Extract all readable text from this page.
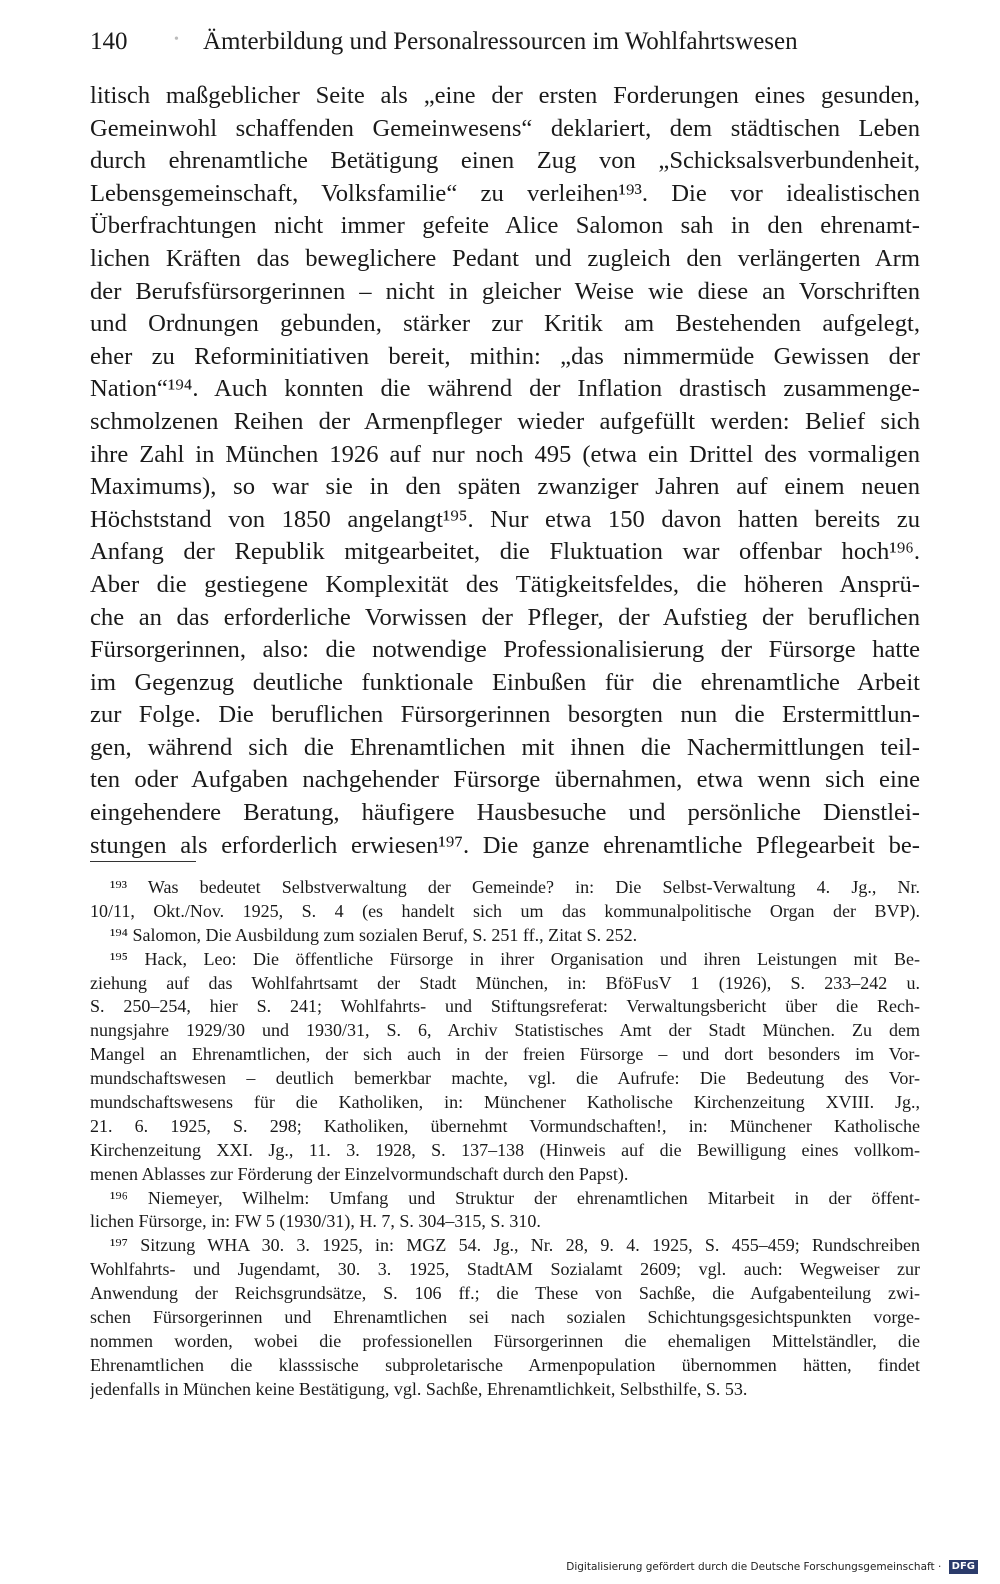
140	• Ämterbildung und Personalressourcen im Wohlfahrtswesen
litisch maßgeblicher Seite als „eine der ersten Forderungen eines gesunden,
Gemeinwohl schaffenden Gemeinwesens“ deklariert, dem städtischen Leben
durch ehrenamtliche Betätigung einen Zug von „Schicksalsverbundenheit,
Lebensgemeinschaft, Volksfamilie“ zu verleihen¹⁹³. Die vor idealistischen
Überfrachtungen nicht immer gefeite Alice Salomon sah in den ehrenamt-
lichen Kräften das beweglichere Pedant und zugleich den verlängerten Arm
der Berufsfürsorgerinnen – nicht in gleicher Weise wie diese an Vorschriften
und Ordnungen gebunden, stärker zur Kritik am Bestehenden aufgelegt,
eher zu Reforminitiativen bereit, mithin: „das nimmermüde Gewissen der
Nation“¹⁹⁴. Auch konnten die während der Inflation drastisch zusammenge-
schmolzenen Reihen der Armenpfleger wieder aufgefüllt werden: Belief sich
ihre Zahl in München 1926 auf nur noch 495 (etwa ein Drittel des vormaligen
Maximums), so war sie in den späten zwanziger Jahren auf einem neuen
Höchststand von 1850 angelangt¹⁹⁵. Nur etwa 150 davon hatten bereits zu
Anfang der Republik mitgearbeitet, die Fluktuation war offenbar hoch¹⁹⁶.
Aber die gestiegene Komplexität des Tätigkeitsfeldes, die höheren Ansprü-
che an das erforderliche Vorwissen der Pfleger, der Aufstieg der beruflichen
Fürsorgerinnen, also: die notwendige Professionalisierung der Fürsorge hatte
im Gegenzug deutliche funktionale Einbußen für die ehrenamtliche Arbeit
zur Folge. Die beruflichen Fürsorgerinnen besorgten nun die Erstermittlun-
gen, während sich die Ehrenamtlichen mit ihnen die Nachermittlungen teil-
ten oder Aufgaben nachgehender Fürsorge übernahmen, etwa wenn sich eine
eingehendere Beratung, häufigere Hausbesuche und persönliche Dienstlei-
stungen als erforderlich erwiesen¹⁹⁷. Die ganze ehrenamtliche Pflegearbeit be-
¹⁹³ Was bedeutet Selbstverwaltung der Gemeinde? in: Die Selbst-Verwaltung 4. Jg., Nr.
10/11, Okt./Nov. 1925, S. 4 (es handelt sich um das kommunalpolitische Organ der BVP).
¹⁹⁴ Salomon, Die Ausbildung zum sozialen Beruf, S. 251 ff., Zitat S. 252.
¹⁹⁵ Hack, Leo: Die öffentliche Fürsorge in ihrer Organisation und ihren Leistungen mit Be-
ziehung auf das Wohlfahrtsamt der Stadt München, in: BföFusV 1 (1926), S. 233–242 u.
S. 250–254, hier S. 241; Wohlfahrts- und Stiftungsreferat: Verwaltungsbericht über die Rech-
nungsjahre 1929/30 und 1930/31, S. 6, Archiv Statistisches Amt der Stadt München. Zu dem
Mangel an Ehrenamtlichen, der sich auch in der freien Fürsorge – und dort besonders im Vor-
mundschaftswesen – deutlich bemerkbar machte, vgl. die Aufrufe: Die Bedeutung des Vor-
mundschaftswesens für die Katholiken, in: Münchener Katholische Kirchenzeitung XVIII. Jg.,
21. 6. 1925, S. 298; Katholiken, übernehmt Vormundschaften!, in: Münchener Katholische
Kirchenzeitung XXI. Jg., 11. 3. 1928, S. 137–138 (Hinweis auf die Bewilligung eines vollkom-
menen Ablasses zur Förderung der Einzelvormundschaft durch den Papst).
¹⁹⁶ Niemeyer, Wilhelm: Umfang und Struktur der ehrenamtlichen Mitarbeit in der öffent-
lichen Fürsorge, in: FW 5 (1930/31), H. 7, S. 304–315, S. 310.
¹⁹⁷ Sitzung WHA 30. 3. 1925, in: MGZ 54. Jg., Nr. 28, 9. 4. 1925, S. 455–459; Rundschreiben
Wohlfahrts- und Jugendamt, 30. 3. 1925, StadtAM Sozialamt 2609; vgl. auch: Wegweiser zur
Anwendung der Reichsgrundsätze, S. 106 ff.; die These von Sachße, die Aufgabenteilung zwi-
schen Fürsorgerinnen und Ehrenamtlichen sei nach sozialen Schichtungsgesichtspunkten vorge-
nommen worden, wobei die professionellen Fürsorgerinnen die ehemaligen Mittelständler, die
Ehrenamtlichen die klasssische subproletarische Armenpopulation übernommen hätten, findet
jedenfalls in München keine Bestätigung, vgl. Sachße, Ehrenamtlichkeit, Selbsthilfe, S. 53.
Digitalisierung gefördert durch die Deutsche Forschungsgemeinschaft · DFG
